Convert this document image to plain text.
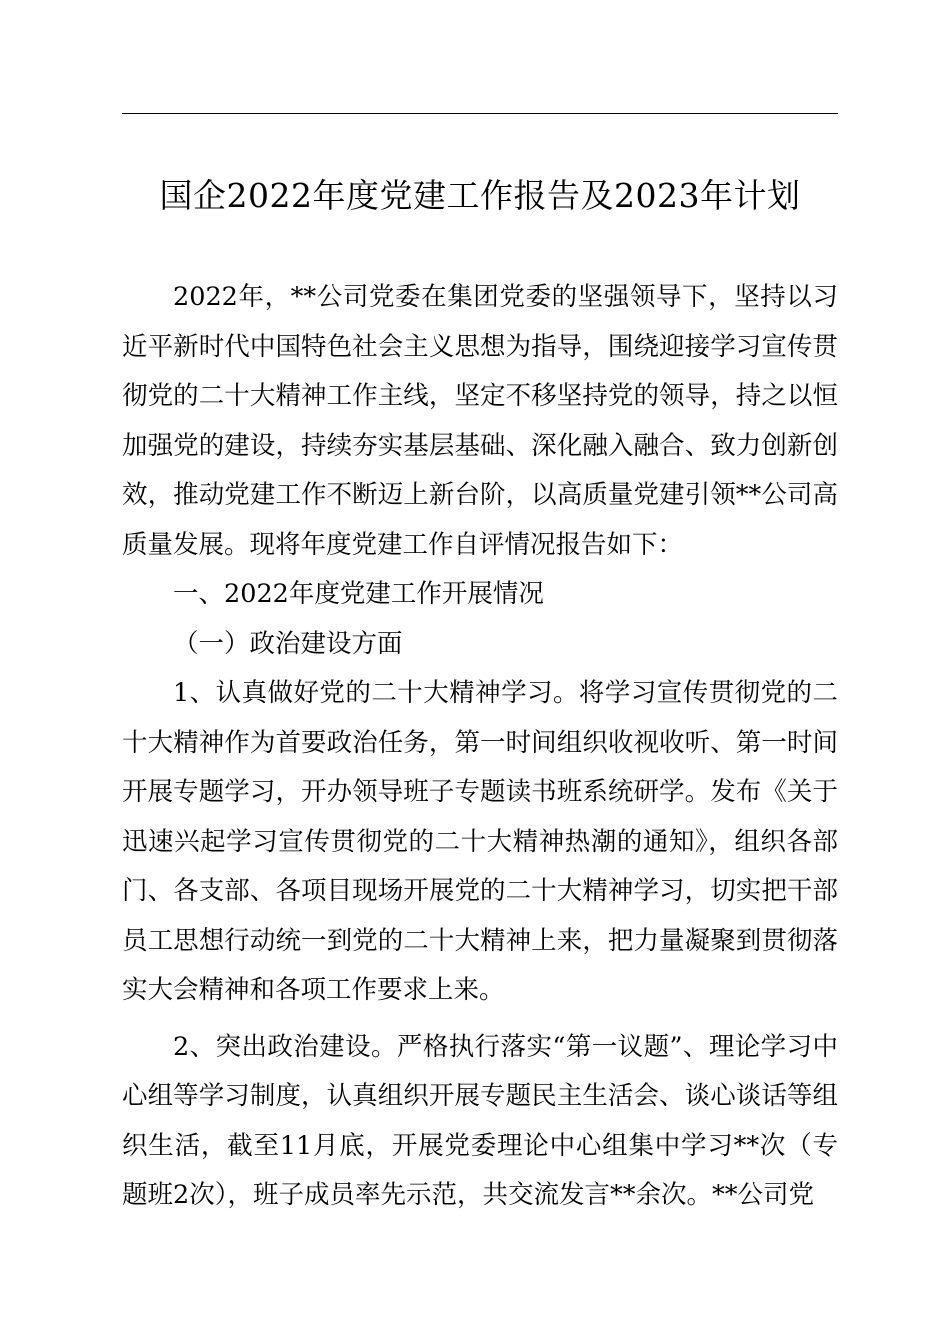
国企2022年度党建工作报告及2023年计划

2022年，**公司党委在集团党委的坚强领导下，坚持以习近平新时代中国特色社会主义思想为指导，围绕迎接学习宣传贯彻党的二十大精神工作主线，坚定不移坚持党的领导，持之以恒加强党的建设，持续夯实基层基础、深化融入融合、致力创新创效，推动党建工作不断迈上新台阶，以高质量党建引领**公司高质量发展。现将年度党建工作自评情况报告如下：

一、2022年度党建工作开展情况

（一）政治建设方面

1、认真做好党的二十大精神学习。将学习宣传贯彻党的二十大精神作为首要政治任务，第一时间组织收视收听、第一时间开展专题学习，开办领导班子专题读书班系统研学。发布《关于迅速兴起学习宣传贯彻党的二十大精神热潮的通知》，组织各部门、各支部、各项目现场开展党的二十大精神学习，切实把干部员工思想行动统一到党的二十大精神上来，把力量凝聚到贯彻落实大会精神和各项工作要求上来。

2、突出政治建设。严格执行落实“第一议题”、理论学习中心组等学习制度，认真组织开展专题民主生活会、谈心谈话等组织生活，截至11月底，开展党委理论中心组集中学习**次（专题班2次），班子成员率先示范，共交流发言**余次。**公司党
